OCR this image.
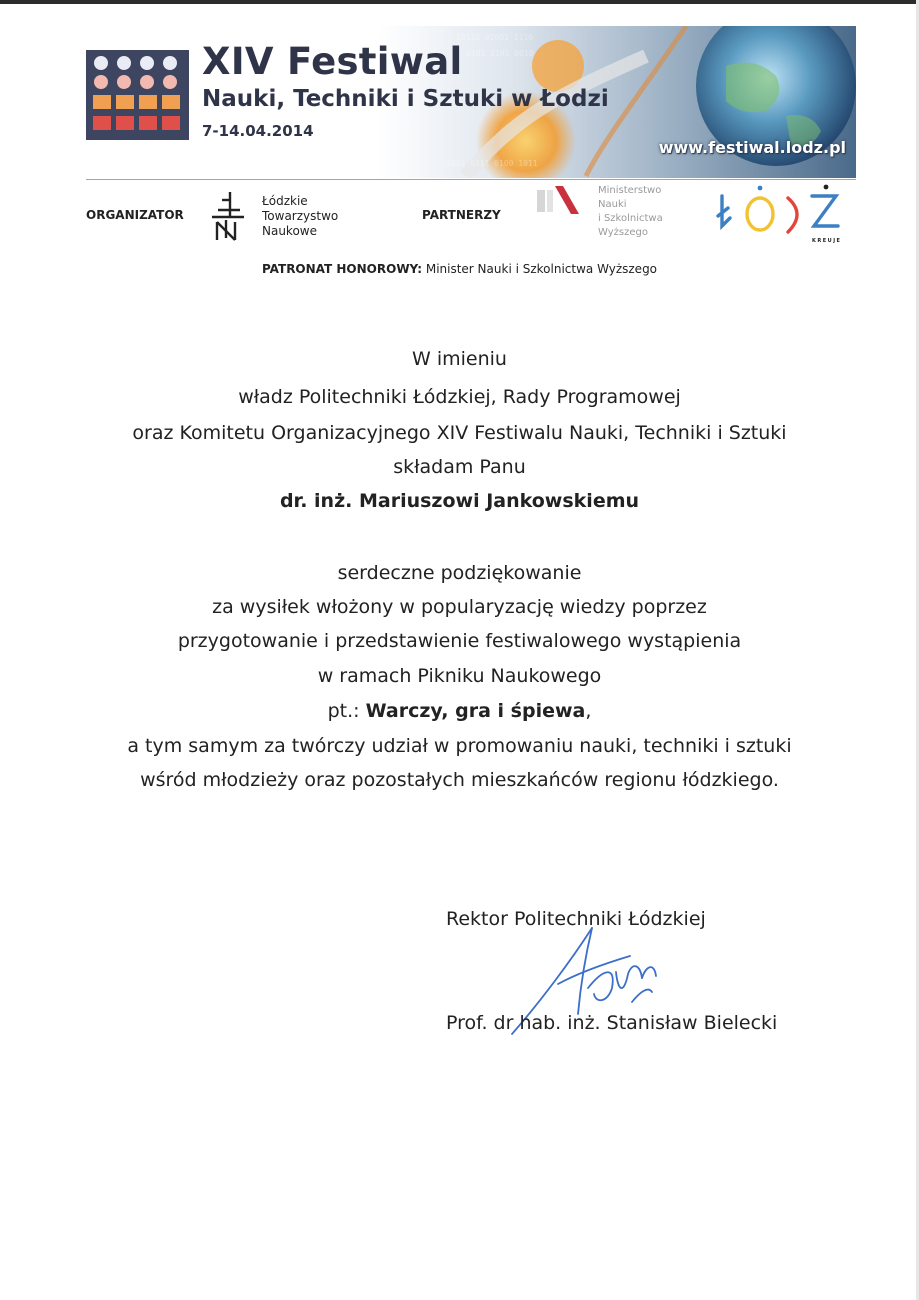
10110 01001 1110
0101 1101 0010
1001 0111 0100 1011
XIV Festiwal
Nauki, Techniki i Sztuki w Łodzi
7-14.04.2014
www.festiwal.lodz.pl
ORGANIZATOR
Łódzkie
Towarzystwo
Naukowe
PARTNERZY
Ministerstwo
Nauki
i Szkolnictwa
Wyższego
KREUJE
PATRONAT HONOROWY: Minister Nauki i Szkolnictwa Wyższego
W imieniu
władz Politechniki Łódzkiej, Rady Programowej
oraz Komitetu Organizacyjnego XIV Festiwalu Nauki, Techniki i Sztuki
składam Panu
dr. inż. Mariuszowi Jankowskiemu
serdeczne podziękowanie
za wysiłek włożony w popularyzację wiedzy poprzez
przygotowanie i przedstawienie festiwalowego wystąpienia
w ramach Pikniku Naukowego
pt.: Warczy, gra i śpiewa,
a tym samym za twórczy udział w promowaniu nauki, techniki i sztuki
wśród młodzieży oraz pozostałych mieszkańców regionu łódzkiego.
Rektor Politechniki Łódzkiej
Prof. dr hab. inż. Stanisław Bielecki
